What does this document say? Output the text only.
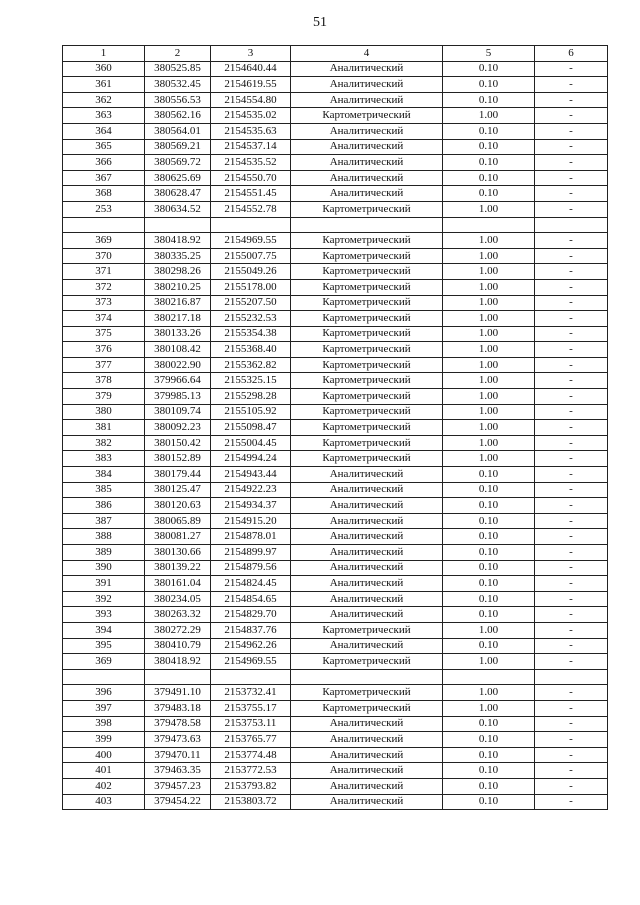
51
1	2	3	4	5	6
360	380525.85	2154640.44	Аналитический	0.10	-
361	380532.45	2154619.55	Аналитический	0.10	-
362	380556.53	2154554.80	Аналитический	0.10	-
363	380562.16	2154535.02	Картометрический	1.00	-
364	380564.01	2154535.63	Аналитический	0.10	-
365	380569.21	2154537.14	Аналитический	0.10	-
366	380569.72	2154535.52	Аналитический	0.10	-
367	380625.69	2154550.70	Аналитический	0.10	-
368	380628.47	2154551.45	Аналитический	0.10	-
253	380634.52	2154552.78	Картометрический	1.00	-

369	380418.92	2154969.55	Картометрический	1.00	-
370	380335.25	2155007.75	Картометрический	1.00	-
371	380298.26	2155049.26	Картометрический	1.00	-
372	380210.25	2155178.00	Картометрический	1.00	-
373	380216.87	2155207.50	Картометрический	1.00	-
374	380217.18	2155232.53	Картометрический	1.00	-
375	380133.26	2155354.38	Картометрический	1.00	-
376	380108.42	2155368.40	Картометрический	1.00	-
377	380022.90	2155362.82	Картометрический	1.00	-
378	379966.64	2155325.15	Картометрический	1.00	-
379	379985.13	2155298.28	Картометрический	1.00	-
380	380109.74	2155105.92	Картометрический	1.00	-
381	380092.23	2155098.47	Картометрический	1.00	-
382	380150.42	2155004.45	Картометрический	1.00	-
383	380152.89	2154994.24	Картометрический	1.00	-
384	380179.44	2154943.44	Аналитический	0.10	-
385	380125.47	2154922.23	Аналитический	0.10	-
386	380120.63	2154934.37	Аналитический	0.10	-
387	380065.89	2154915.20	Аналитический	0.10	-
388	380081.27	2154878.01	Аналитический	0.10	-
389	380130.66	2154899.97	Аналитический	0.10	-
390	380139.22	2154879.56	Аналитический	0.10	-
391	380161.04	2154824.45	Аналитический	0.10	-
392	380234.05	2154854.65	Аналитический	0.10	-
393	380263.32	2154829.70	Аналитический	0.10	-
394	380272.29	2154837.76	Картометрический	1.00	-
395	380410.79	2154962.26	Аналитический	0.10	-
369	380418.92	2154969.55	Картометрический	1.00	-

396	379491.10	2153732.41	Картометрический	1.00	-
397	379483.18	2153755.17	Картометрический	1.00	-
398	379478.58	2153753.11	Аналитический	0.10	-
399	379473.63	2153765.77	Аналитический	0.10	-
400	379470.11	2153774.48	Аналитический	0.10	-
401	379463.35	2153772.53	Аналитический	0.10	-
402	379457.23	2153793.82	Аналитический	0.10	-
403	379454.22	2153803.72	Аналитический	0.10	-
